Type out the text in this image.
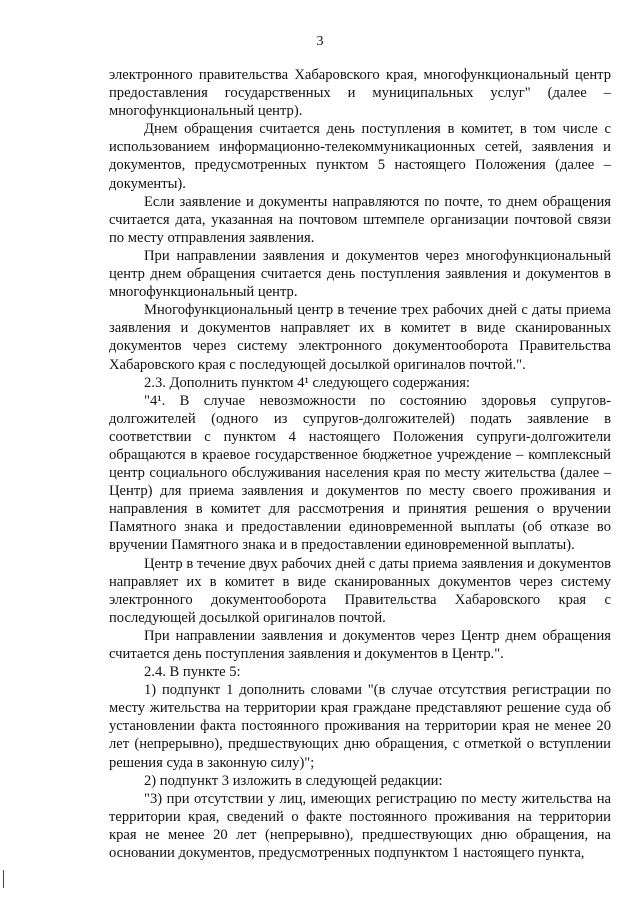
3

электронного правительства Хабаровского края, многофункциональный центр предоставления государственных и муниципальных услуг" (далее – многофункциональный центр).

Днем обращения считается день поступления в комитет, в том числе с использованием информационно-телекоммуникационных сетей, заявления и документов, предусмотренных пунктом 5 настоящего Положения (далее – документы).

Если заявление и документы направляются по почте, то днем обращения считается дата, указанная на почтовом штемпеле организации почтовой связи по месту отправления заявления.

При направлении заявления и документов через многофункциональный центр днем обращения считается день поступления заявления и документов в многофункциональный центр.

Многофункциональный центр в течение трех рабочих дней с даты приема заявления и документов направляет их в комитет в виде сканированных документов через систему электронного документооборота Правительства Хабаровского края с последующей досылкой оригиналов почтой.".

2.3. Дополнить пунктом 4¹ следующего содержания:

"4¹. В случае невозможности по состоянию здоровья супругов-долгожителей (одного из супругов-долгожителей) подать заявление в соответствии с пунктом 4 настоящего Положения супруги-долгожители обращаются в краевое государственное бюджетное учреждение – комплексный центр социального обслуживания населения края по месту жительства (далее – Центр) для приема заявления и документов по месту своего проживания и направления в комитет для рассмотрения и принятия решения о вручении Памятного знака и предоставлении единовременной выплаты (об отказе во вручении Памятного знака и в предоставлении единовременной выплаты).

Центр в течение двух рабочих дней с даты приема заявления и документов направляет их в комитет в виде сканированных документов через систему электронного документооборота Правительства Хабаровского края с последующей досылкой оригиналов почтой.

При направлении заявления и документов через Центр днем обращения считается день поступления заявления и документов в Центр.".

2.4. В пункте 5:

1) подпункт 1 дополнить словами "(в случае отсутствия регистрации по месту жительства на территории края граждане представляют решение суда об установлении факта постоянного проживания на территории края не менее 20 лет (непрерывно), предшествующих дню обращения, с отметкой о вступлении решения суда в законную силу)";

2) подпункт 3 изложить в следующей редакции:

"3) при отсутствии у лиц, имеющих регистрацию по месту жительства на территории края, сведений о факте постоянного проживания на территории края не менее 20 лет (непрерывно), предшествующих дню обращения, на основании документов, предусмотренных подпунктом 1 настоящего пункта,
